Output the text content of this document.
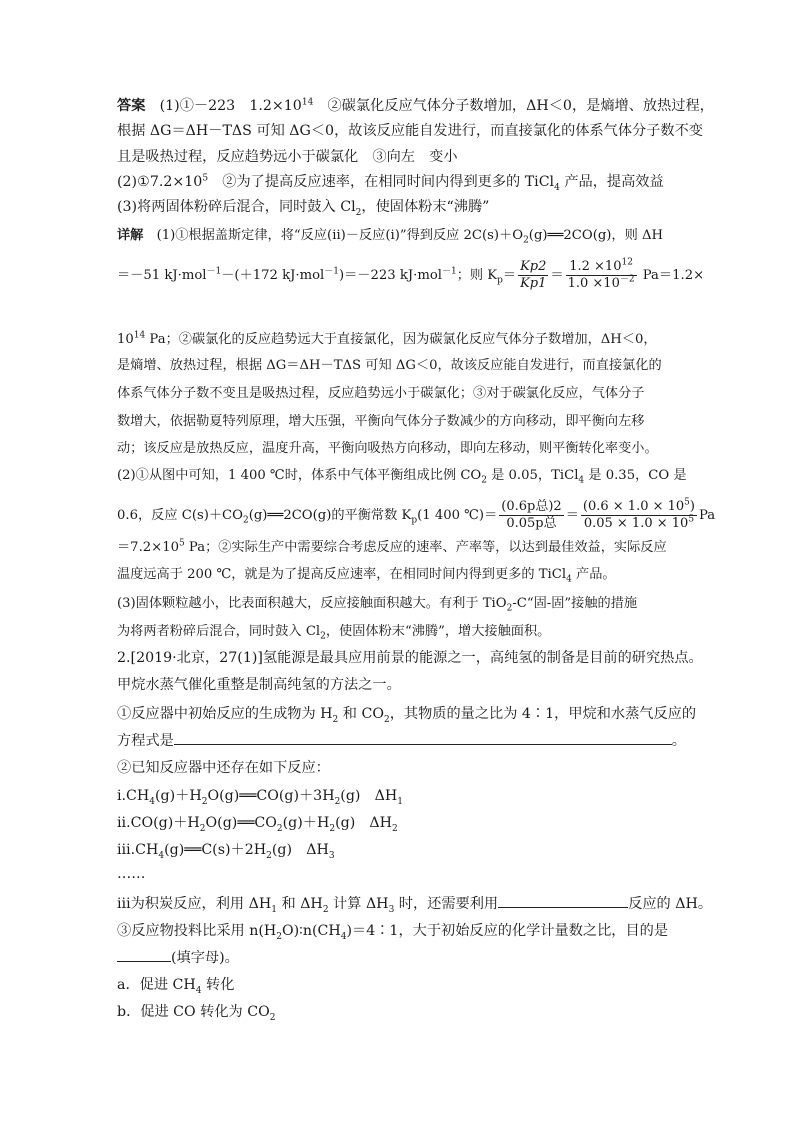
答案　 (1)①－223　$1.2\times 10^{14}$　②碳氯化反应气体分子数增加，ΔH＜0，是熵增、放热过程，
根据 ΔG＝ΔH－TΔS 可知 ΔG＜0，故该反应能自发进行，而直接氯化的体系气体分子数不变
且是吸热过程，反应趋势远小于碳氯化　③向左　变小
$(2)①7.2\times 10^5$　②为了提高反应速率，在相同时间内得到更多的 TiCl$_4$ 产品，提高效益
(3)将两固体粉碎后混合，同时鼓入 $Cl_2$，使固体粉末“沸腾”
详解　 (1)①根据盖斯定律，将“反应(ⅱ)－反应(ⅰ)”得到反应 $2C(s)+O_2(g)══2CO(g)$，则 ΔH
＝－51 kJ·mol$^{-1}$－(＋172 kJ·mol$^{-1}$)＝－223 kJ·mol$^{-1}$；则 $K_p= \frac{Kp2}{Kp1} = \frac{1.2 \times 10^{12}}{1.0 \times 10^{-2}} Pa=1.2\times$
$10^{14}$ Pa；②碳氯化的反应趋势远大于直接氯化，因为碳氯化反应气体分子数增加，ΔH＜0，
是熵增、放热过程，根据 ΔG＝ΔH－TΔS 可知 ΔG＜0，故该反应能自发进行，而直接氯化的
体系气体分子数不变且是吸热过程，反应趋势远小于碳氯化；③对于碳氯化反应，气体分子
数增大，依据勒夏特列原理，增大压强，平衡向气体分子数减少的方向移动，即平衡向左移
动；该反应是放热反应，温度升高，平衡向吸热方向移动，即向左移动，则平衡转化率变小。
(2)①从图中可知，1 400 ℃时，体系中气体平衡组成比例 $CO_2$ 是 0.05，TiCl$_4$ 是 0.35，CO 是
0.6，反应 $C(s)+CO_2(g)══2CO(g)$的平衡常数 $K_p(1$ 400 ℃)＝ $\frac{\text{(0.6p总)2}}{\text{0.05p总}} = \frac{(0.6 \times 1.0 \times 10^5)}{0.05 \times 1.0 \times 10^5}$ Pa
$=7.2\times 10^5$ Pa；②实际生产中需要综合考虑反应的速率、产率等，以达到最佳效益，实际反应
温度远高于 200 ℃，就是为了提高反应速率，在相同时间内得到更多的 TiCl$_4$ 产品。
(3)固体颗粒越小，比表面积越大，反应接触面积越大。有利于 TiO$_2$-C“固-固”接触的措施
为将两者粉碎后混合，同时鼓入 $Cl_2$，使固体粉末“沸腾”，增大接触面积。
2.[2019·北京，27(1)]氢能源是最具应用前景的能源之一，高纯氢的制备是目前的研究热点。
甲烷水蒸气催化重整是制高纯氢的方法之一。
①反应器中初始反应的生成物为 $H_2$ 和 $CO_2$，其物质的量之比为 4∶1，甲烷和水蒸气反应的
方程式是	。
②已知反应器中还存在如下反应：
$ⅰ.CH_4(g)+H_2O(g)══CO(g)+3H_2(g)$　$\Delta H_1$
$ⅱ.CO(g)+H_2O(g)══CO_2(g)+H_2(g)$　$\Delta H_2$
$ⅲ.CH_4(g)══C(s)+2H_2(g)$　$\Delta H_3$
……
ⅲ为积炭反应，利用 $\Delta H_1$ 和 $\Delta H_2$ 计算 $\Delta H_3$ 时，还需要利用	反应的 ΔH。
③反应物投料比采用 $n(H_2O)∶n(CH_4)=4∶1$，大于初始反应的化学计量数之比，目的是
(填字母)。
a．促进 $CH_4$ 转化
b．促进 CO 转化为 $CO_2$
